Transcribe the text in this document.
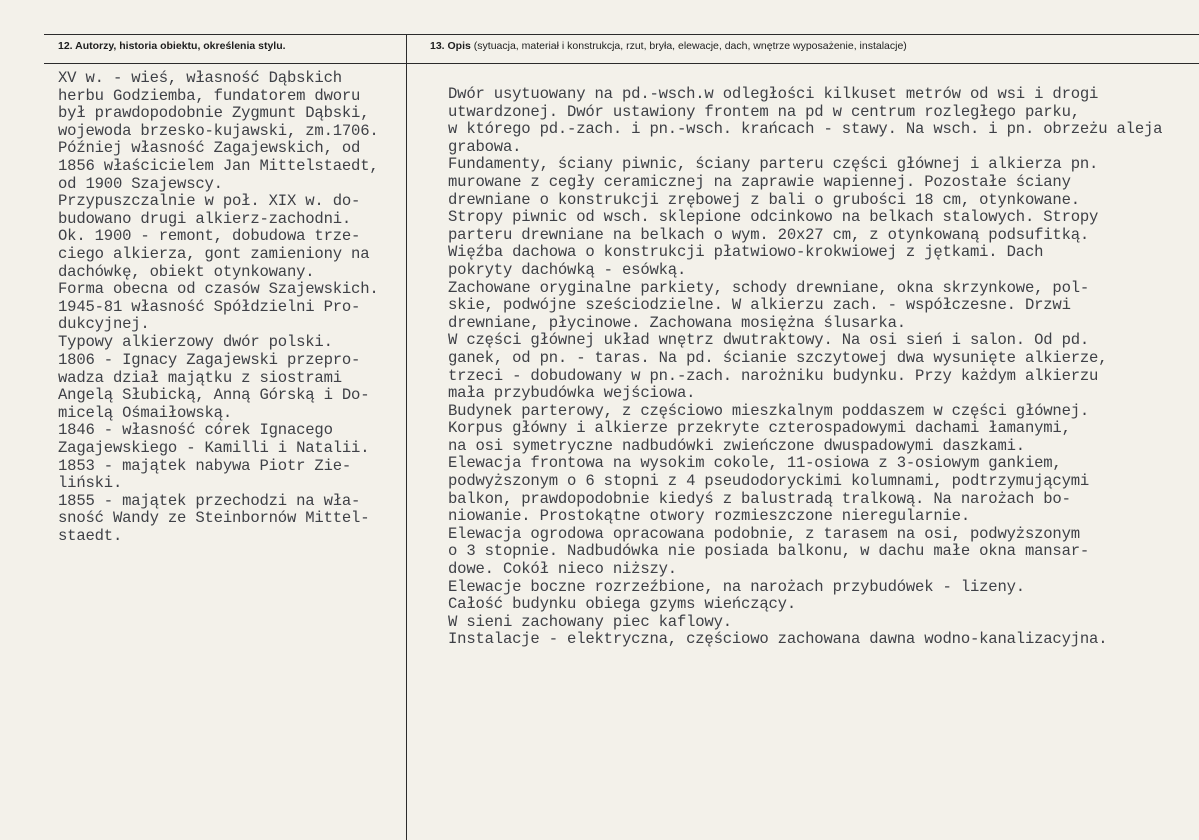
12. Autorzy, historia obiektu, określenia stylu.	13. Opis (sytuacja, materiał i konstrukcja, rzut, bryła, elewacje, dach, wnętrze wyposażenie, instalacje)
XV w. - wieś, własność Dąbskich
herbu Godziemba, fundatorem dworu
był prawdopodobnie Zygmunt Dąbski,
wojewoda brzesko-kujawski, zm.1706.
Później własność Zagajewskich, od
1856 właścicielem Jan Mittelstaedt,
od 1900 Szajewscy.
Przypuszczalnie w poł. XIX w. do-
budowano drugi alkierz-zachodni.
Ok. 1900 - remont, dobudowa trze-
ciego alkierza, gont zamieniony na
dachówkę, obiekt otynkowany.
Forma obecna od czasów Szajewskich.
1945-81 własność Spółdzielni Pro-
dukcyjnej.
Typowy alkierzowy dwór polski.
1806 - Ignacy Zagajewski przepro-
wadza dział majątku z siostrami
Angelą Słubicką, Anną Górską i Do-
micelą Ośmaiłowską.
1846 - własność córek Ignacego
Zagajewskiego - Kamilli i Natalii.
1853 - majątek nabywa Piotr Zie-
liński.
1855 - majątek przechodzi na wła-
sność Wandy ze Steinbornów Mittel-
staedt.
Dwór usytuowany na pd.-wsch.w odległości kilkuset metrów od wsi i drogi
utwardzonej. Dwór ustawiony frontem na pd w centrum rozległego parku,
w którego pd.-zach. i pn.-wsch. krańcach - stawy. Na wsch. i pn. obrzeżu aleja
grabowa.
Fundamenty, ściany piwnic, ściany parteru części głównej i alkierza pn.
murowane z cegły ceramicznej na zaprawie wapiennej. Pozostałe ściany
drewniane o konstrukcji zrębowej z bali o grubości 18 cm, otynkowane.
Stropy piwnic od wsch. sklepione odcinkowo na belkach stalowych. Stropy
parteru drewniane na belkach o wym. 20x27 cm, z otynkowaną podsufitką.
Więźba dachowa o konstrukcji płatwiowo-krokwiowej z jętkami. Dach
pokryty dachówką - esówką.
Zachowane oryginalne parkiety, schody drewniane, okna skrzynkowe, pol-
skie, podwójne sześciodzielne. W alkierzu zach. - współczesne. Drzwi
drewniane, płycinowe. Zachowana mosiężna ślusarka.
W części głównej układ wnętrz dwutraktowy. Na osi sień i salon. Od pd.
ganek, od pn. - taras. Na pd. ścianie szczytowej dwa wysunięte alkierze,
trzeci - dobudowany w pn.-zach. narożniku budynku. Przy każdym alkierzu
mała przybudówka wejściowa.
Budynek parterowy, z częściowo mieszkalnym poddaszem w części głównej.
Korpus główny i alkierze przekryte czterospadowymi dachami łamanymi,
na osi symetryczne nadbudówki zwieńczone dwuspadowymi daszkami.
Elewacja frontowa na wysokim cokole, 11-osiowa z 3-osiowym gankiem,
podwyższonym o 6 stopni z 4 pseudodoryckimi kolumnami, podtrzymującymi
balkon, prawdopodobnie kiedyś z balustradą tralkową. Na narożach bo-
niowanie. Prostokątne otwory rozmieszczone nieregularnie.
Elewacja ogrodowa opracowana podobnie, z tarasem na osi, podwyższonym
o 3 stopnie. Nadbudówka nie posiada balkonu, w dachu małe okna mansar-
dowe. Cokół nieco niższy.
Elewacje boczne rozrzeźbione, na narożach przybudówek - lizeny.
Całość budynku obiega gzyms wieńczący.
W sieni zachowany piec kaflowy.
Instalacje - elektryczna, częściowo zachowana dawna wodno-kanalizacyjna.
